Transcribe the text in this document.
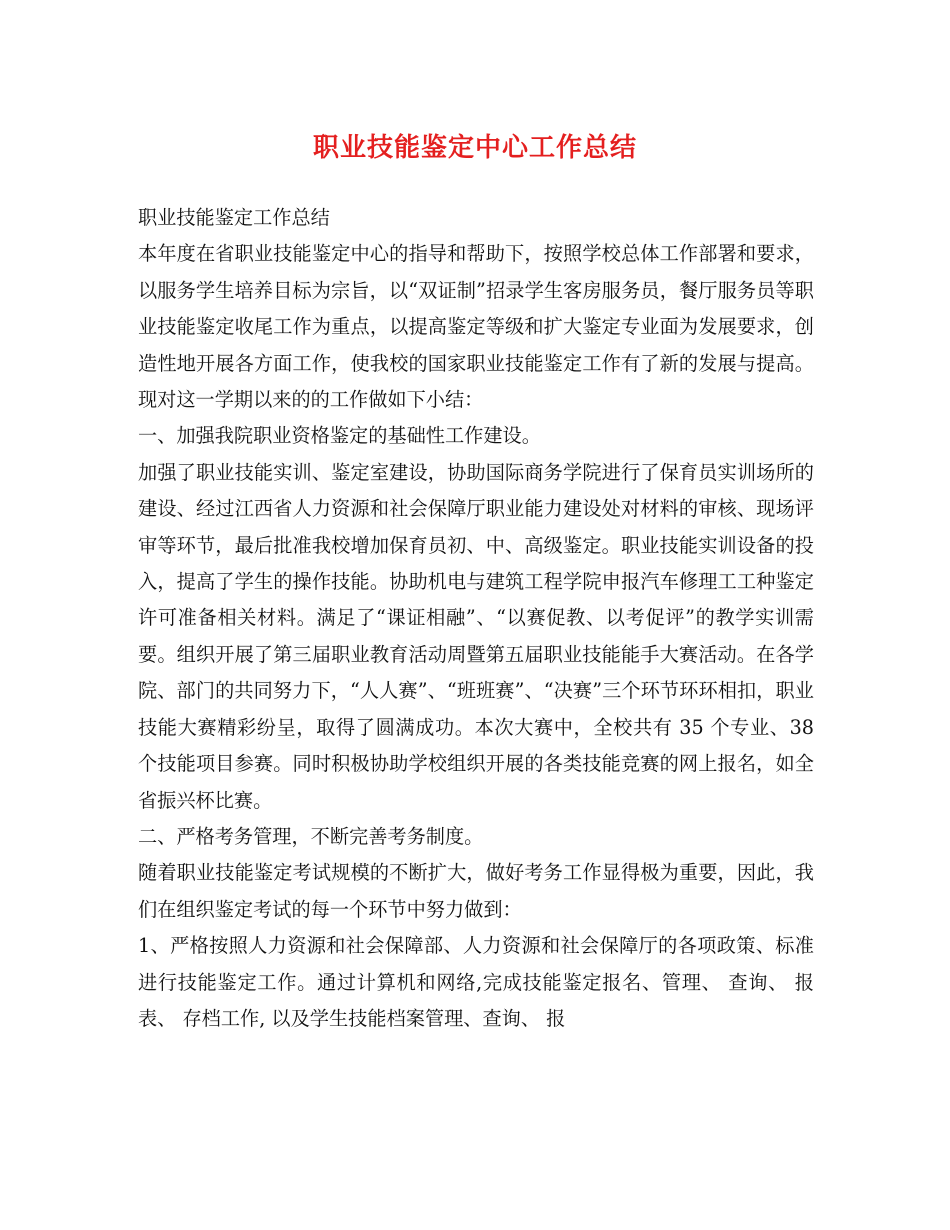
职业技能鉴定中心工作总结

职业技能鉴定工作总结

本年度在省职业技能鉴定中心的指导和帮助下，按照学校总体工作部署和要求，以服务学生培养目标为宗旨，以“双证制”招录学生客房服务员，餐厅服务员等职业技能鉴定收尾工作为重点，以提高鉴定等级和扩大鉴定专业面为发展要求，创造性地开展各方面工作，使我校的国家职业技能鉴定工作有了新的发展与提高。现对这一学期以来的的工作做如下小结：

一、加强我院职业资格鉴定的基础性工作建设。

加强了职业技能实训、鉴定室建设，协助国际商务学院进行了保育员实训场所的建设、经过江西省人力资源和社会保障厅职业能力建设处对材料的审核、现场评审等环节，最后批准我校增加保育员初、中、高级鉴定。职业技能实训设备的投入，提高了学生的操作技能。协助机电与建筑工程学院申报汽车修理工工种鉴定许可准备相关材料。满足了“课证相融”、“以赛促教、以考促评”的教学实训需要。组织开展了第三届职业教育活动周暨第五届职业技能能手大赛活动。在各学院、部门的共同努力下，“人人赛”、“班班赛”、“决赛”三个环节环环相扣，职业技能大赛精彩纷呈，取得了圆满成功。本次大赛中，全校共有 35 个专业、38 个技能项目参赛。同时积极协助学校组织开展的各类技能竞赛的网上报名，如全省振兴杯比赛。

二、严格考务管理，不断完善考务制度。

随着职业技能鉴定考试规模的不断扩大，做好考务工作显得极为重要，因此，我们在组织鉴定考试的每一个环节中努力做到：

1、严格按照人力资源和社会保障部、人力资源和社会保障厅的各项政策、标准进行技能鉴定工作。通过计算机和网络,完成技能鉴定报名、管理、 查询、 报表、 存档工作, 以及学生技能档案管理、查询、 报
